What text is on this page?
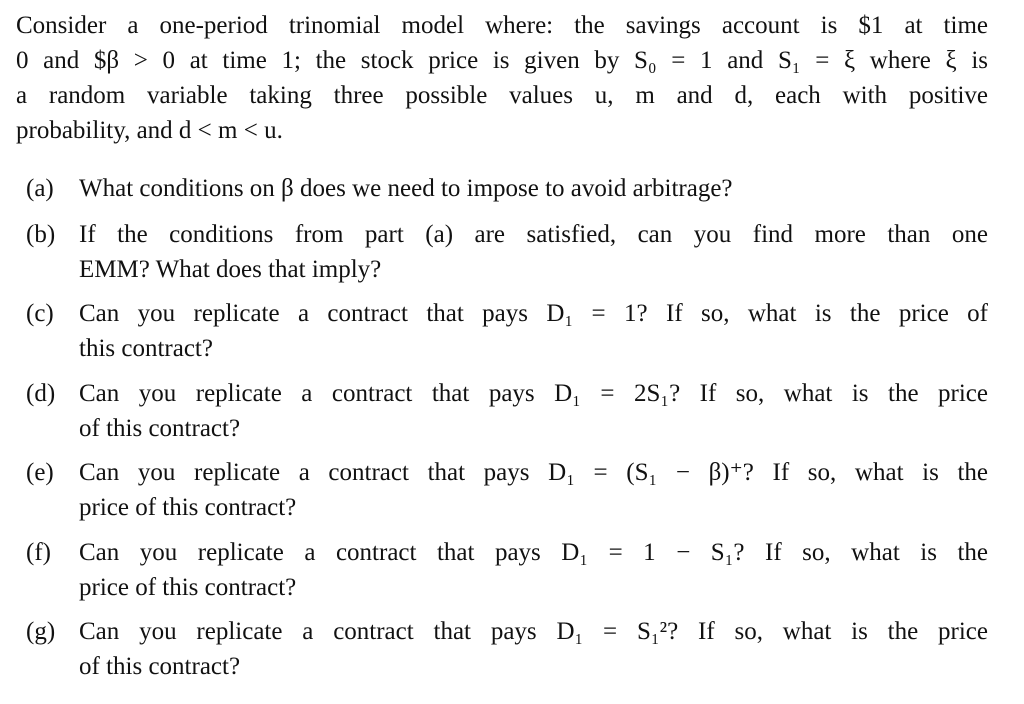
Consider a one-period trinomial model where: the savings account is $1 at time
0 and $β > 0 at time 1; the stock price is given by S₀ = 1 and S₁ = ξ where ξ is
a random variable taking three possible values u, m and d, each with positive
probability, and d < m < u.

(a)	What conditions on β does we need to impose to avoid arbitrage?
(b) If the conditions from part (a) are satisfied, can you find more than one
EMM? What does that imply?
(c)	Can you replicate a contract that pays D₁ = 1? If so, what is the price of
this contract?
(d) Can you replicate a contract that pays D₁ = 2S₁? If so, what is the price
of this contract?
(e)	Can you replicate a contract that pays D₁ = (S₁ − β)⁺? If so, what is the
price of this contract?
(f)	Can you replicate a contract that pays D₁ = 1 − S₁? If so, what is the
price of this contract?
(g) Can you replicate a contract that pays D₁ = S₁²? If so, what is the price
of this contract?
